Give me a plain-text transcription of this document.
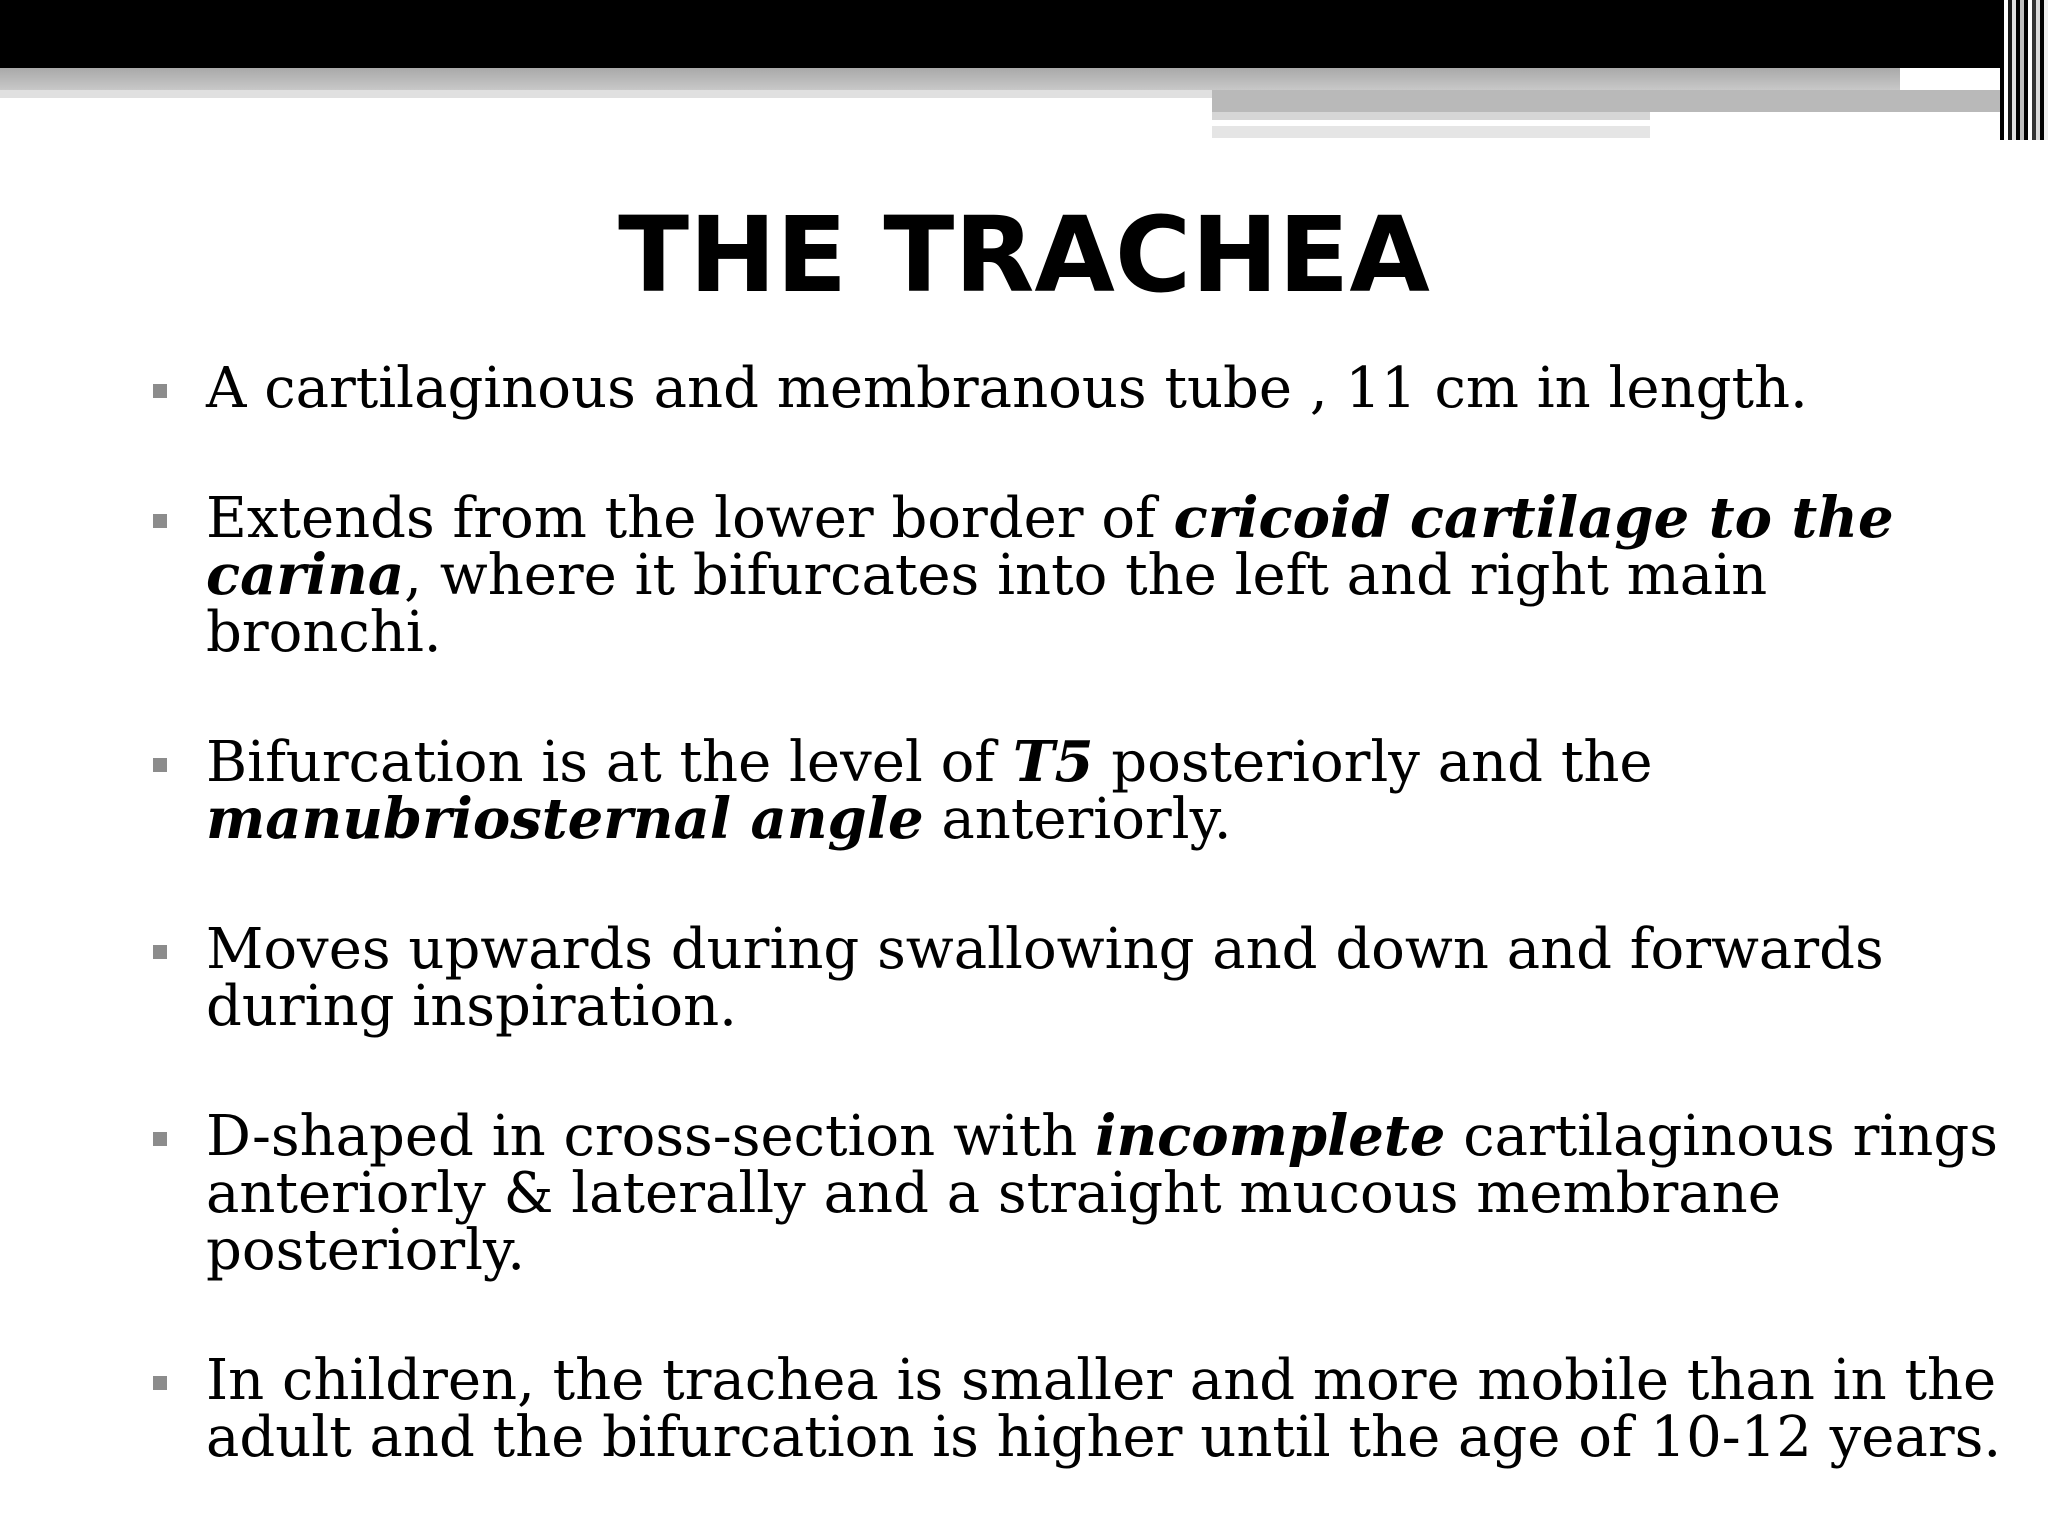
THE TRACHEA
A cartilaginous and membranous tube , 11 cm in length.
Extends from the lower border of cricoid cartilage to the carina, where it bifurcates into the left and right main bronchi.
Bifurcation is at the level of T5 posteriorly and the manubriosternal angle anteriorly.
Moves upwards during swallowing and down and forwards during inspiration.
D-shaped in cross-section with incomplete cartilaginous rings anteriorly & laterally and a straight mucous membrane posteriorly.
In children, the trachea is smaller and more mobile than in the adult and the bifurcation is higher until the age of 10-12 years.
